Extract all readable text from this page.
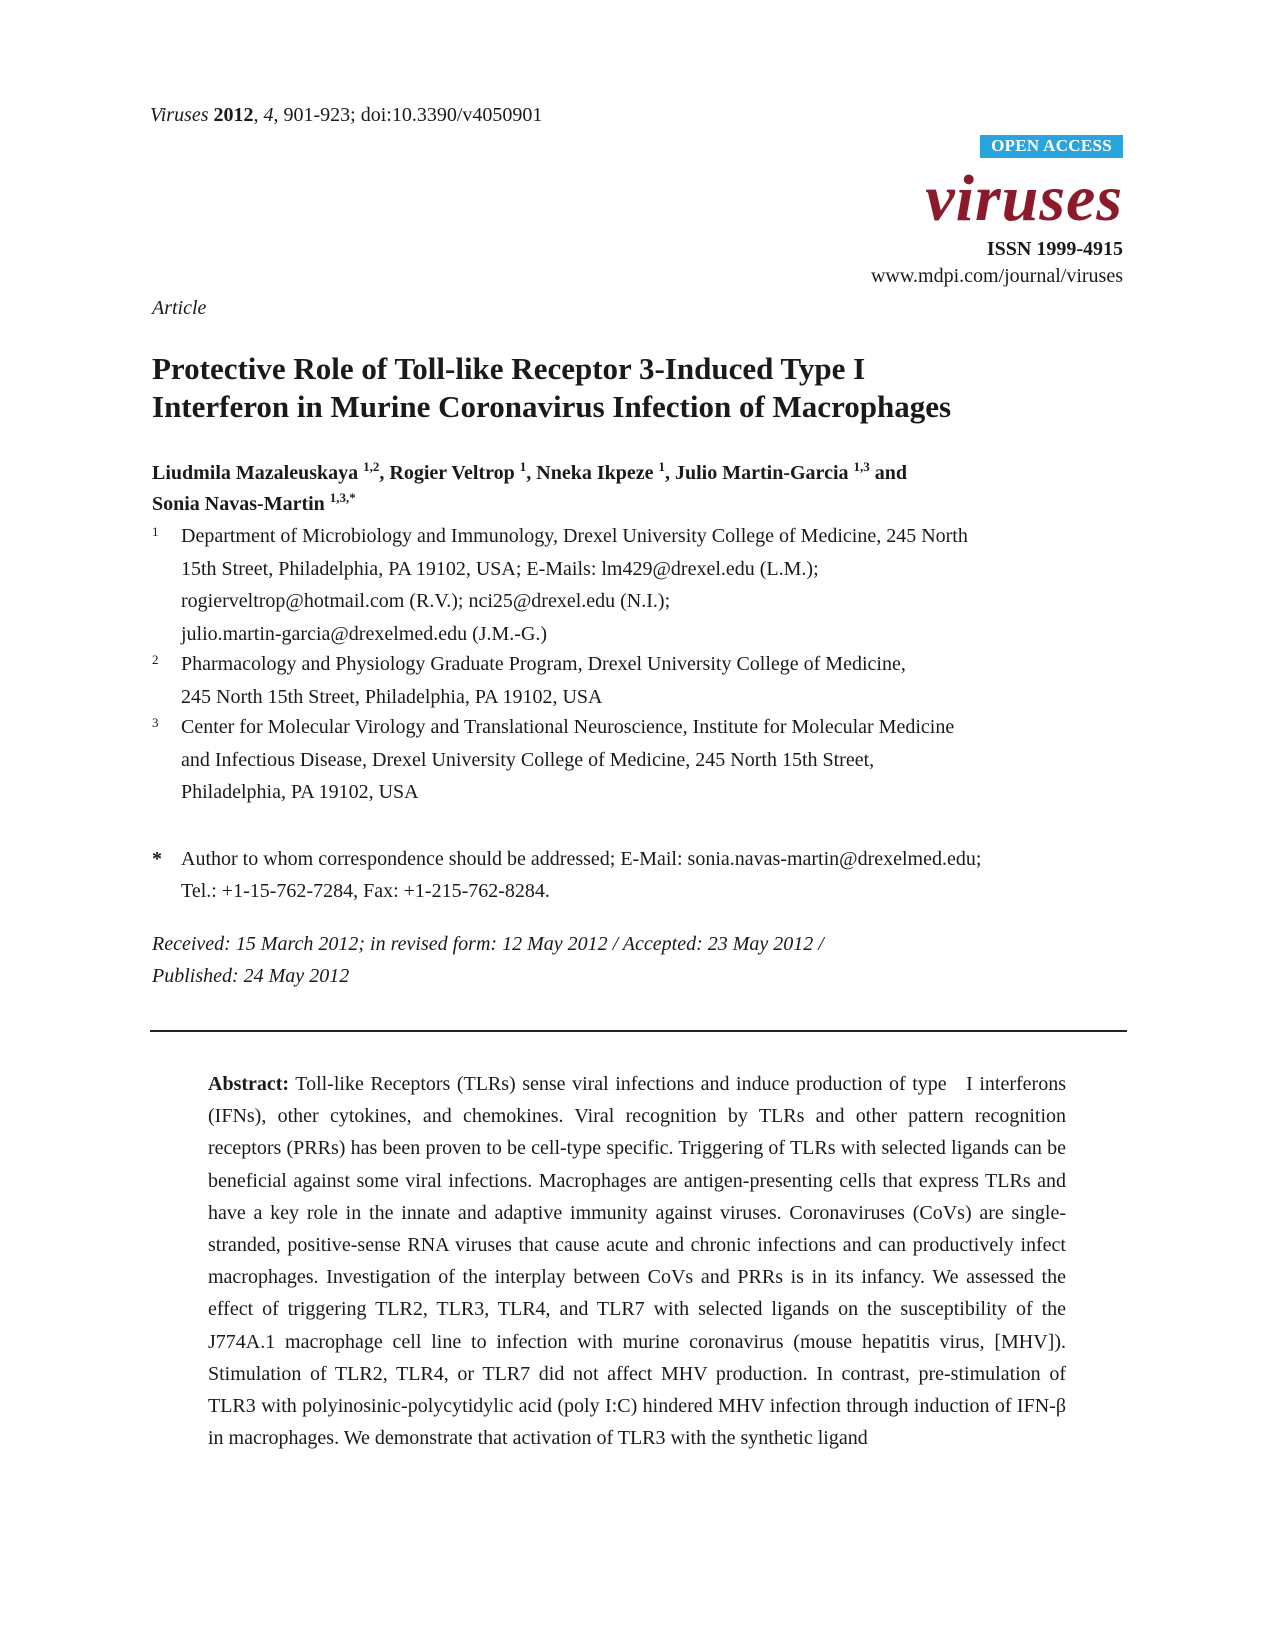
Viruses 2012, 4, 901-923; doi:10.3390/v4050901
OPEN ACCESS
viruses
ISSN 1999-4915
www.mdpi.com/journal/viruses
Article
Protective Role of Toll-like Receptor 3-Induced Type I
Interferon in Murine Coronavirus Infection of Macrophages
Liudmila Mazaleuskaya $^{1,2}$, Rogier Veltrop $^1$, Nneka Ikpeze $^1$, Julio Martin-Garcia $^{1,3}$ and
Sonia Navas-Martin $^{1,3,*}$
1 Department of Microbiology and Immunology, Drexel University College of Medicine, 245 North
15th Street, Philadelphia, PA 19102, USA; E-Mails: lm429@drexel.edu (L.M.);
rogierveltrop@hotmail.com (R.V.); nci25@drexel.edu (N.I.);
julio.martin-garcia@drexelmed.edu (J.M.-G.)
2 Pharmacology and Physiology Graduate Program, Drexel University College of Medicine,
245 North 15th Street, Philadelphia, PA 19102, USA
3 Center for Molecular Virology and Translational Neuroscience, Institute for Molecular Medicine
and Infectious Disease, Drexel University College of Medicine, 245 North 15th Street,
Philadelphia, PA 19102, USA
* Author to whom correspondence should be addressed; E-Mail: sonia.navas-martin@drexelmed.edu;
Tel.: +1-15-762-7284, Fax: +1-215-762-8284.
Received: 15 March 2012; in revised form: 12 May 2012 / Accepted: 23 May 2012 /
Published: 24 May 2012
Abstract: Toll-like Receptors (TLRs) sense viral infections and induce production of type   I interferons (IFNs), other cytokines, and chemokines. Viral recognition by TLRs and other pattern recognition receptors (PRRs) has been proven to be cell-type specific. Triggering of TLRs with selected ligands can be beneficial against some viral infections. Macrophages are antigen-presenting cells that express TLRs and have a key role in the innate and adaptive immunity against viruses. Coronaviruses (CoVs) are single-stranded, positive-sense RNA viruses that cause acute and chronic infections and can productively infect macrophages. Investigation of the interplay between CoVs and PRRs is in its infancy. We assessed the effect of triggering TLR2, TLR3, TLR4, and TLR7 with selected ligands on the susceptibility of the J774A.1 macrophage cell line to infection with murine coronavirus (mouse hepatitis virus, [MHV]). Stimulation of TLR2, TLR4, or TLR7 did not affect MHV production. In contrast, pre-stimulation of TLR3 with polyinosinic-polycytidylic acid (poly I:C) hindered MHV infection through induction of IFN-β in macrophages. We demonstrate that activation of TLR3 with the synthetic ligand
